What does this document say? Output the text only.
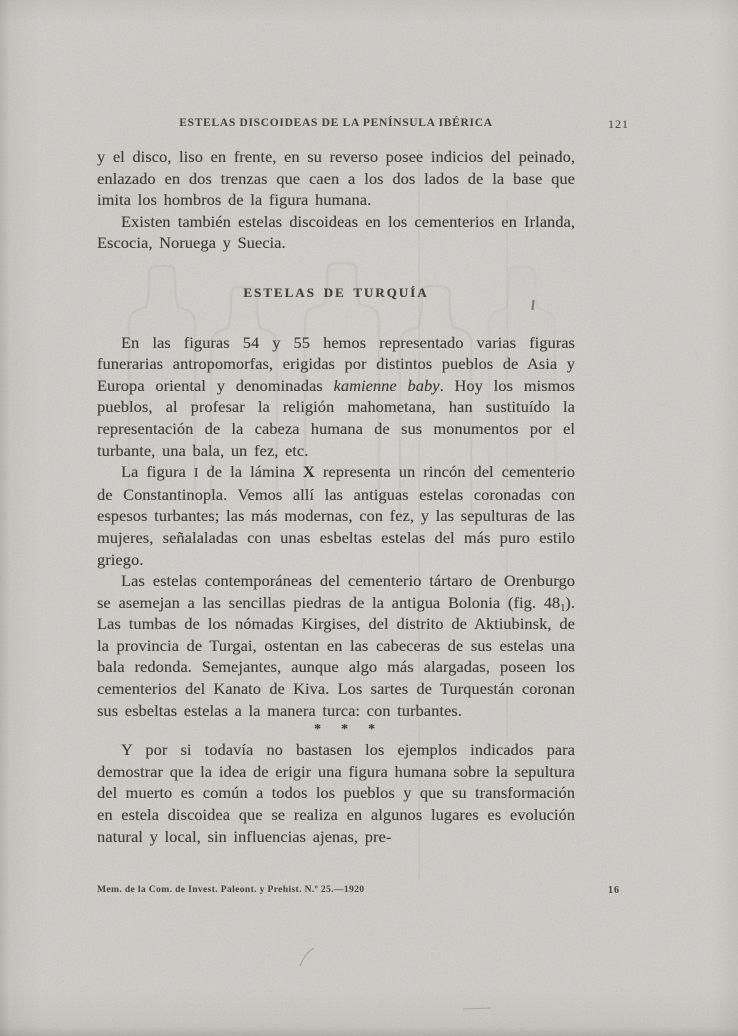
ESTELAS DISCOIDEAS DE LA PENÍNSULA IBÉRICA	121

y el disco, liso en frente, en su reverso posee indicios del peinado, enlazado en dos trenzas que caen a los dos lados de la base que imita los hombros de la figura humana.

Existen también estelas discoideas en los cementerios en Irlanda, Escocia, Noruega y Suecia.

ESTELAS DE TURQUÍA

En las figuras 54 y 55 hemos representado varias figuras funerarias antropomorfas, erigidas por distintos pueblos de Asia y Europa oriental y denominadas kamienne baby. Hoy los mismos pueblos, al profesar la religión mahometana, han sustituído la representación de la cabeza humana de sus monumentos por el turbante, una bala, un fez, etc.

La figura I de la lámina X representa un rincón del cementerio de Constantinopla. Vemos allí las antiguas estelas coronadas con espesos turbantes; las más modernas, con fez, y las sepulturas de las mujeres, señalaladas con unas esbeltas estelas del más puro estilo griego.

Las estelas contemporáneas del cementerio tártaro de Orenburgo se asemejan a las sencillas piedras de la antigua Bolonia (fig. $48_1$). Las tumbas de los nómadas Kirgises, del distrito de Aktiubinsk, de la provincia de Turgai, ostentan en las cabeceras de sus estelas una bala redonda. Semejantes, aunque algo más alargadas, poseen los cementerios del Kanato de Kiva. Los sartes de Turquestán coronan sus esbeltas estelas a la manera turca: con turbantes.

* * *

Y por si todavía no bastasen los ejemplos indicados para demostrar que la idea de erigir una figura humana sobre la sepultura del muerto es común a todos los pueblos y que su transformación en estela discoidea que se realiza en algunos lugares es evolución natural y local, sin influencias ajenas, pre-

Mem. de la Com. de Invest. Paleont. y Prehist. N.º 25.—1920	16
